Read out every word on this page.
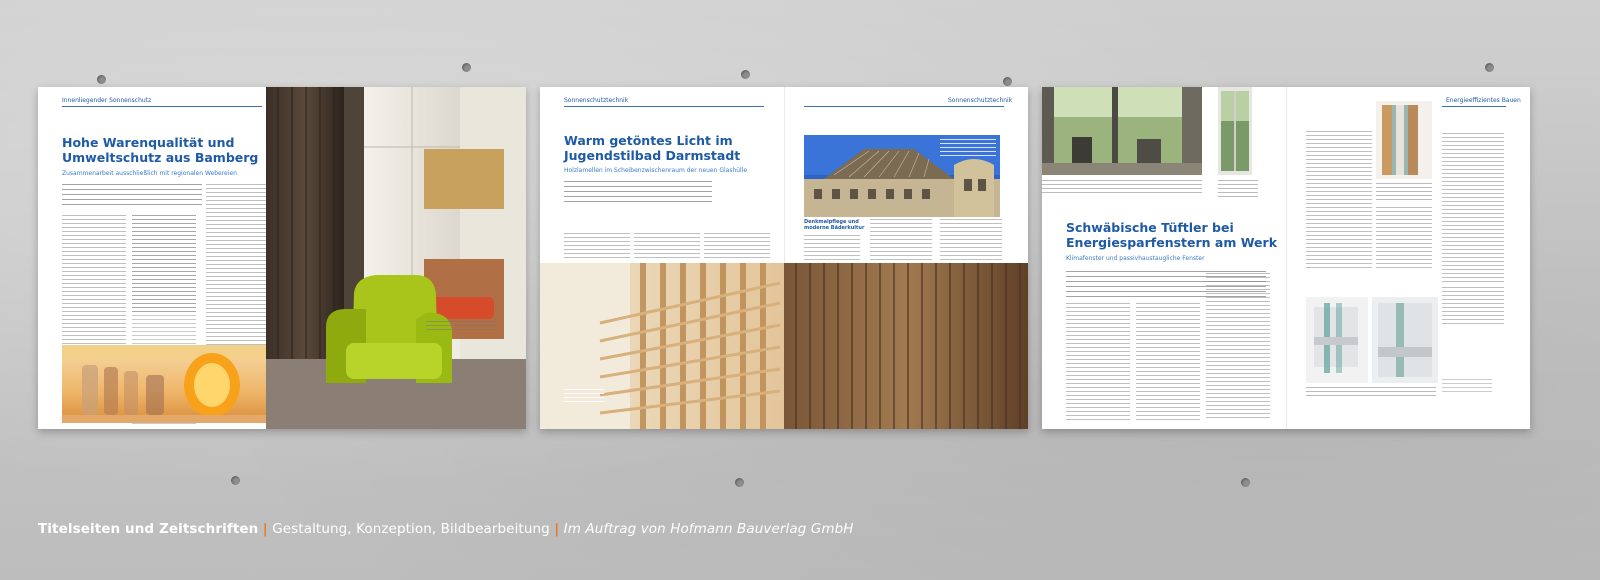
Innenliegender Sonnenschutz
Hohe Warenqualität und
Umweltschutz aus Bamberg
Zusammenarbeit ausschließlich mit regionalen Webereien
Sonnenschutztechnik	Sonnenschutztechnik
Warm getöntes Licht im
Jugendstilbad Darmstadt
Holzlamellen im Scheibenzwischenraum der neuen Glashülle
Denkmalpflege und
moderne Bäderkultur
Energieeffizientes Bauen
Schwäbische Tüftler bei
Energiesparfenstern am Werk
Klimafenster und passivhaustaugliche Fenster
Titelseiten und Zeitschriften | Gestaltung, Konzeption, Bildbearbeitung | Im Auftrag von Hofmann Bauverlag GmbH
